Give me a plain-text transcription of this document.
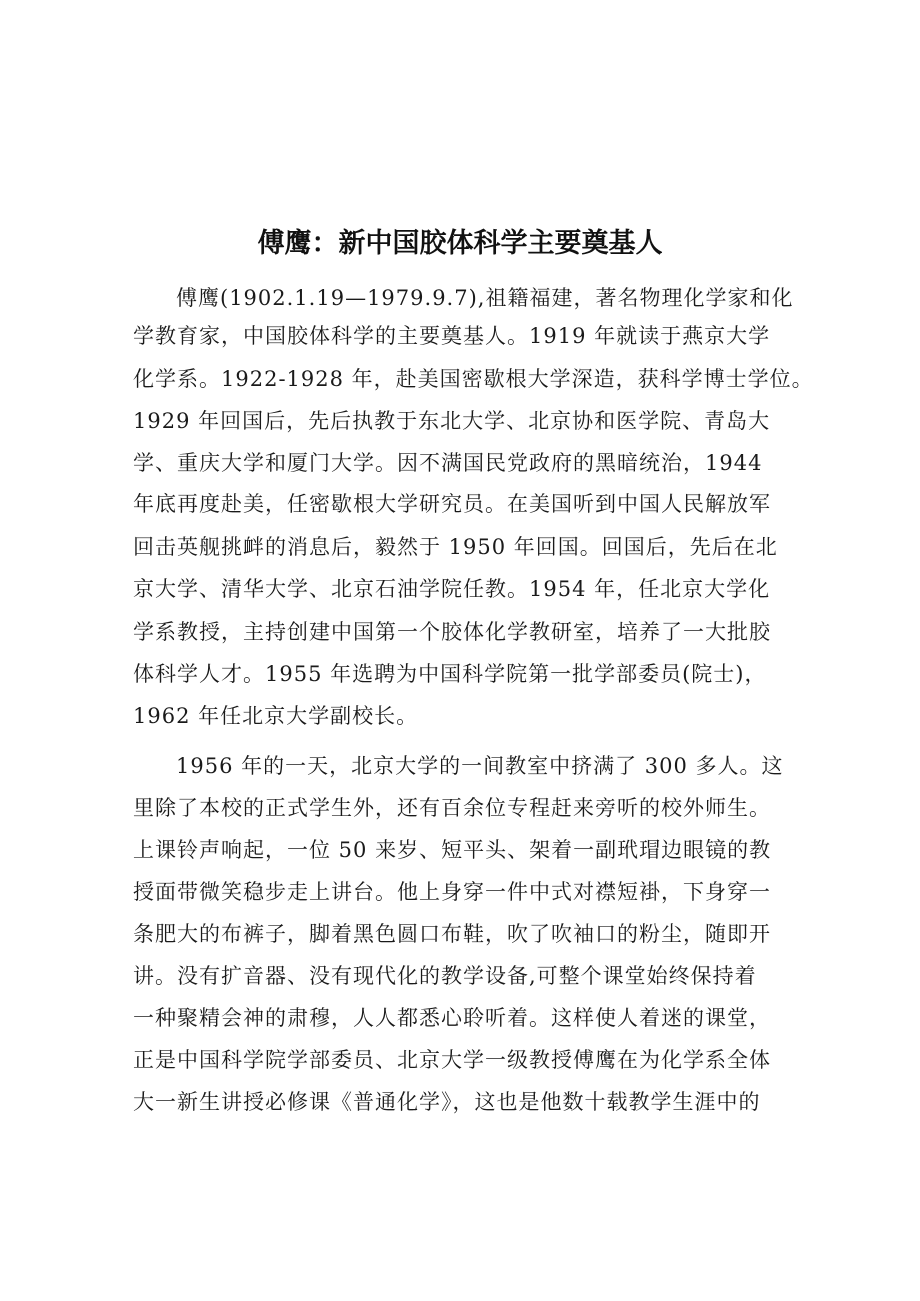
傅鹰：新中国胶体科学主要奠基人
傅鹰(1902.1.19—1979.9.7),祖籍福建，著名物理化学家和化
学教育家，中国胶体科学的主要奠基人。1919 年就读于燕京大学
化学系。1922-1928 年，赴美国密歇根大学深造，获科学博士学位。
1929 年回国后，先后执教于东北大学、北京协和医学院、青岛大
学、重庆大学和厦门大学。因不满国民党政府的黑暗统治，1944
年底再度赴美，任密歇根大学研究员。在美国听到中国人民解放军
回击英舰挑衅的消息后，毅然于 1950 年回国。回国后，先后在北
京大学、清华大学、北京石油学院任教。1954 年，任北京大学化
学系教授，主持创建中国第一个胶体化学教研室，培养了一大批胶
体科学人才。1955 年选聘为中国科学院第一批学部委员(院士)，
1962 年任北京大学副校长。
1956 年的一天，北京大学的一间教室中挤满了 300 多人。这
里除了本校的正式学生外，还有百余位专程赶来旁听的校外师生。
上课铃声响起，一位 50 来岁、短平头、架着一副玳瑁边眼镜的教
授面带微笑稳步走上讲台。他上身穿一件中式对襟短褂，下身穿一
条肥大的布裤子，脚着黑色圆口布鞋，吹了吹袖口的粉尘，随即开
讲。没有扩音器、没有现代化的教学设备,可整个课堂始终保持着
一种聚精会神的肃穆，人人都悉心聆听着。这样使人着迷的课堂，
正是中国科学院学部委员、北京大学一级教授傅鹰在为化学系全体
大一新生讲授必修课《普通化学》，这也是他数十载教学生涯中的
